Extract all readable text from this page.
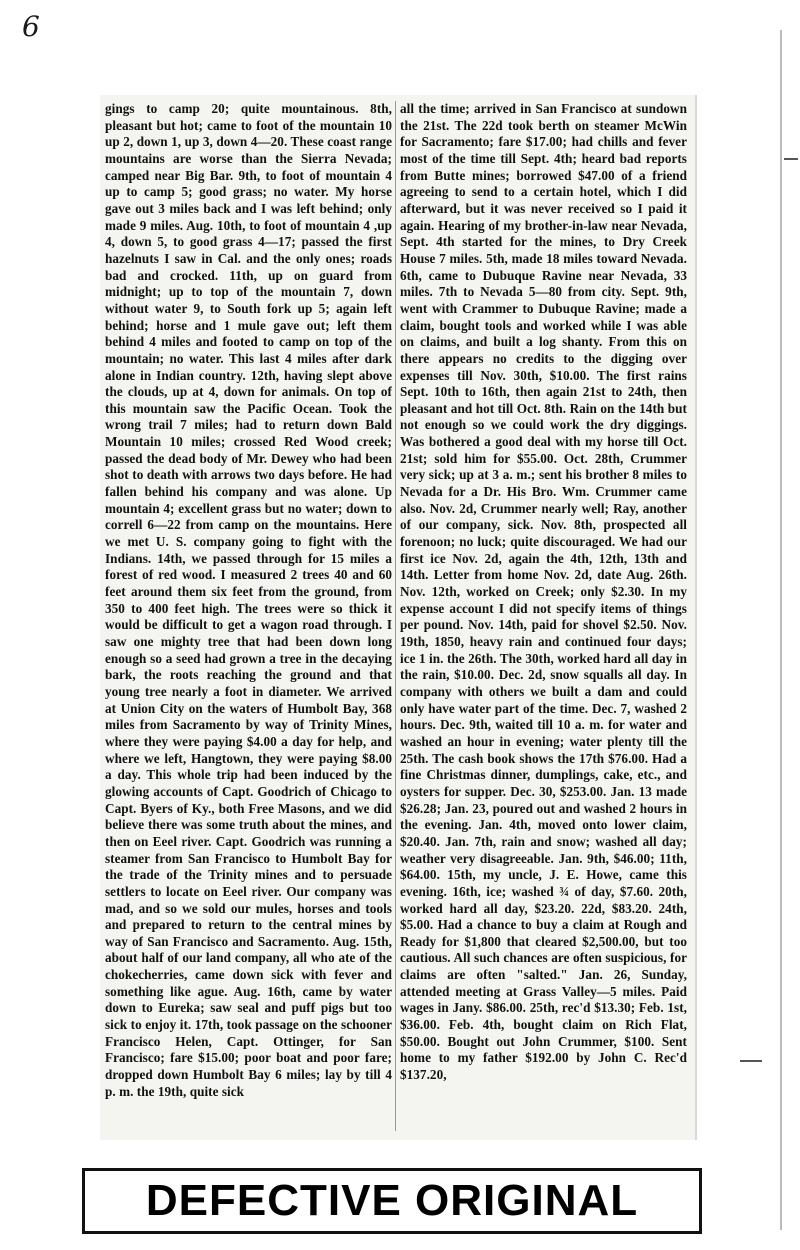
6
gings to camp 20; quite mountainous. 8th, pleasant but hot; came to foot of the mountain 10 up 2, down 1, up 3, down 4—20. These coast range mountains are worse than the Sierra Nevada; camped near Big Bar. 9th, to foot of mountain 4 up to camp 5; good grass; no water. My horse gave out 3 miles back and I was left behind; only made 9 miles. Aug. 10th, to foot of mountain 4 ,up 4, down 5, to good grass 4—17; passed the first hazelnuts I saw in Cal. and the only ones; roads bad and crocked. 11th, up on guard from midnight; up to top of the mountain 7, down without water 9, to South fork up 5; again left behind; horse and 1 mule gave out; left them behind 4 miles and footed to camp on top of the mountain; no water. This last 4 miles after dark alone in Indian country. 12th, having slept above the clouds, up at 4, down for animals. On top of this mountain saw the Pacific Ocean. Took the wrong trail 7 miles; had to return down Bald Mountain 10 miles; crossed Red Wood creek; passed the dead body of Mr. Dewey who had been shot to death with arrows two days before. He had fallen behind his company and was alone. Up mountain 4; excellent grass but no water; down to correll 6—22 from camp on the mountains. Here we met U. S. company going to fight with the Indians. 14th, we passed through for 15 miles a forest of red wood. I measured 2 trees 40 and 60 feet around them six feet from the ground, from 350 to 400 feet high. The trees were so thick it would be difficult to get a wagon road through. I saw one mighty tree that had been down long enough so a seed had grown a tree in the decaying bark, the roots reaching the ground and that young tree nearly a foot in diameter. We arrived at Union City on the waters of Humbolt Bay, 368 miles from Sacramento by way of Trinity Mines, where they were paying $4.00 a day for help, and where we left, Hangtown, they were paying $8.00 a day. This whole trip had been induced by the glowing accounts of Capt. Goodrich of Chicago to Capt. Byers of Ky., both Free Masons, and we did believe there was some truth about the mines, and then on Eeel river. Capt. Goodrich was running a steamer from San Francisco to Humbolt Bay for the trade of the Trinity mines and to persuade settlers to locate on Eeel river. Our company was mad, and so we sold our mules, horses and tools and prepared to return to the central mines by way of San Francisco and Sacramento. Aug. 15th, about half of our land company, all who ate of the chokecherries, came down sick with fever and something like ague. Aug. 16th, came by water down to Eureka; saw seal and puff pigs but too sick to enjoy it. 17th, took passage on the schooner Francisco Helen, Capt. Ottinger, for San Francisco; fare $15.00; poor boat and poor fare; dropped down Humbolt Bay 6 miles; lay by till 4 p. m. the 19th, quite sick
all the time; arrived in San Francisco at sundown the 21st. The 22d took berth on steamer McWin for Sacramento; fare $17.00; had chills and fever most of the time till Sept. 4th; heard bad reports from Butte mines; borrowed $47.00 of a friend agreeing to send to a certain hotel, which I did afterward, but it was never received so I paid it again. Hearing of my brother-in-law near Nevada, Sept. 4th started for the mines, to Dry Creek House 7 miles. 5th, made 18 miles toward Nevada. 6th, came to Dubuque Ravine near Nevada, 33 miles. 7th to Nevada 5—80 from city. Sept. 9th, went with Crammer to Dubuque Ravine; made a claim, bought tools and worked while I was able on claims, and built a log shanty. From this on there appears no credits to the digging over expenses till Nov. 30th, $10.00. The first rains Sept. 10th to 16th, then again 21st to 24th, then pleasant and hot till Oct. 8th. Rain on the 14th but not enough so we could work the dry diggings. Was bothered a good deal with my horse till Oct. 21st; sold him for $55.00. Oct. 28th, Crummer very sick; up at 3 a. m.; sent his brother 8 miles to Nevada for a Dr. His Bro. Wm. Crummer came also. Nov. 2d, Crummer nearly well; Ray, another of our company, sick. Nov. 8th, prospected all forenoon; no luck; quite discouraged. We had our first ice Nov. 2d, again the 4th, 12th, 13th and 14th. Letter from home Nov. 2d, date Aug. 26th. Nov. 12th, worked on Creek; only $2.30. In my expense account I did not specify items of things per pound. Nov. 14th, paid for shovel $2.50. Nov. 19th, 1850, heavy rain and continued four days; ice 1 in. the 26th. The 30th, worked hard all day in the rain, $10.00. Dec. 2d, snow squalls all day. In company with others we built a dam and could only have water part of the time. Dec. 7, washed 2 hours. Dec. 9th, waited till 10 a. m. for water and washed an hour in evening; water plenty till the 25th. The cash book shows the 17th $76.00. Had a fine Christmas dinner, dumplings, cake, etc., and oysters for supper. Dec. 30, $253.00. Jan. 13 made $26.28; Jan. 23, poured out and washed 2 hours in the evening. Jan. 4th, moved onto lower claim, $20.40. Jan. 7th, rain and snow; washed all day; weather very disagreeable. Jan. 9th, $46.00; 11th, $64.00. 15th, my uncle, J. E. Howe, came this evening. 16th, ice; washed ¾ of day, $7.60. 20th, worked hard all day, $23.20. 22d, $83.20. 24th, $5.00. Had a chance to buy a claim at Rough and Ready for $1,800 that cleared $2,500.00, but too cautious. All such chances are often suspicious, for claims are often "salted." Jan. 26, Sunday, attended meeting at Grass Valley—5 miles. Paid wages in Jany. $86.00. 25th, rec'd $13.30; Feb. 1st, $36.00. Feb. 4th, bought claim on Rich Flat, $50.00. Bought out John Crummer, $100. Sent home to my father $192.00 by John C. Rec'd $137.20,
DEFECTIVE ORIGINAL
